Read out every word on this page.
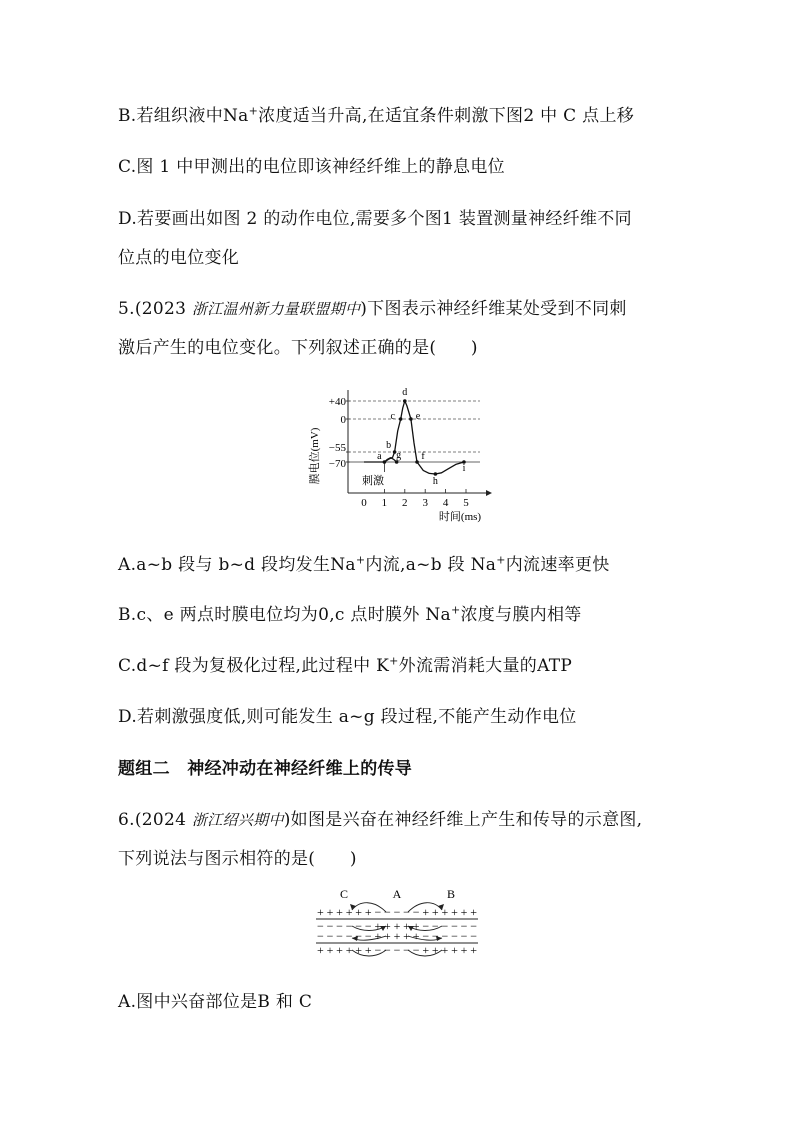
B.若组织液中Na+浓度适当升高,在适宜条件刺激下图2 中 C 点上移
C.图 1 中甲测出的电位即该神经纤维上的静息电位
D.若要画出如图 2 的动作电位,需要多个图1 装置测量神经纤维不同
位点的电位变化
5.(2023 浙江温州新力量联盟期中)下图表示神经纤维某处受到不同刺
激后产生的电位变化。下列叙述正确的是(　　)
膜电位(mV)
+40
0
−55
−70
0 1 2 3 4 5
a
b
c
d
e
f
g
h
i
刺激
时间(ms)
A.a~b 段与 b~d 段均发生Na+内流,a~b 段 Na+内流速率更快
B.c、e 两点时膜电位均为0,c 点时膜外 Na+浓度与膜内相等
C.d~f 段为复极化过程,此过程中 K+外流需消耗大量的ATP
D.若刺激强度低,则可能发生 a~g 段过程,不能产生动作电位
题组二　神经冲动在神经纤维上的传导
6.(2024 浙江绍兴期中)如图是兴奋在神经纤维上产生和传导的示意图,
下列说法与图示相符的是(　　)
C	A	B
++++++−−−−−++++++
−−−−−−+++++−−−−−−
−−−−−−+++++−−−−−−
++++++−−−−−++++++
A.图中兴奋部位是B 和 C
